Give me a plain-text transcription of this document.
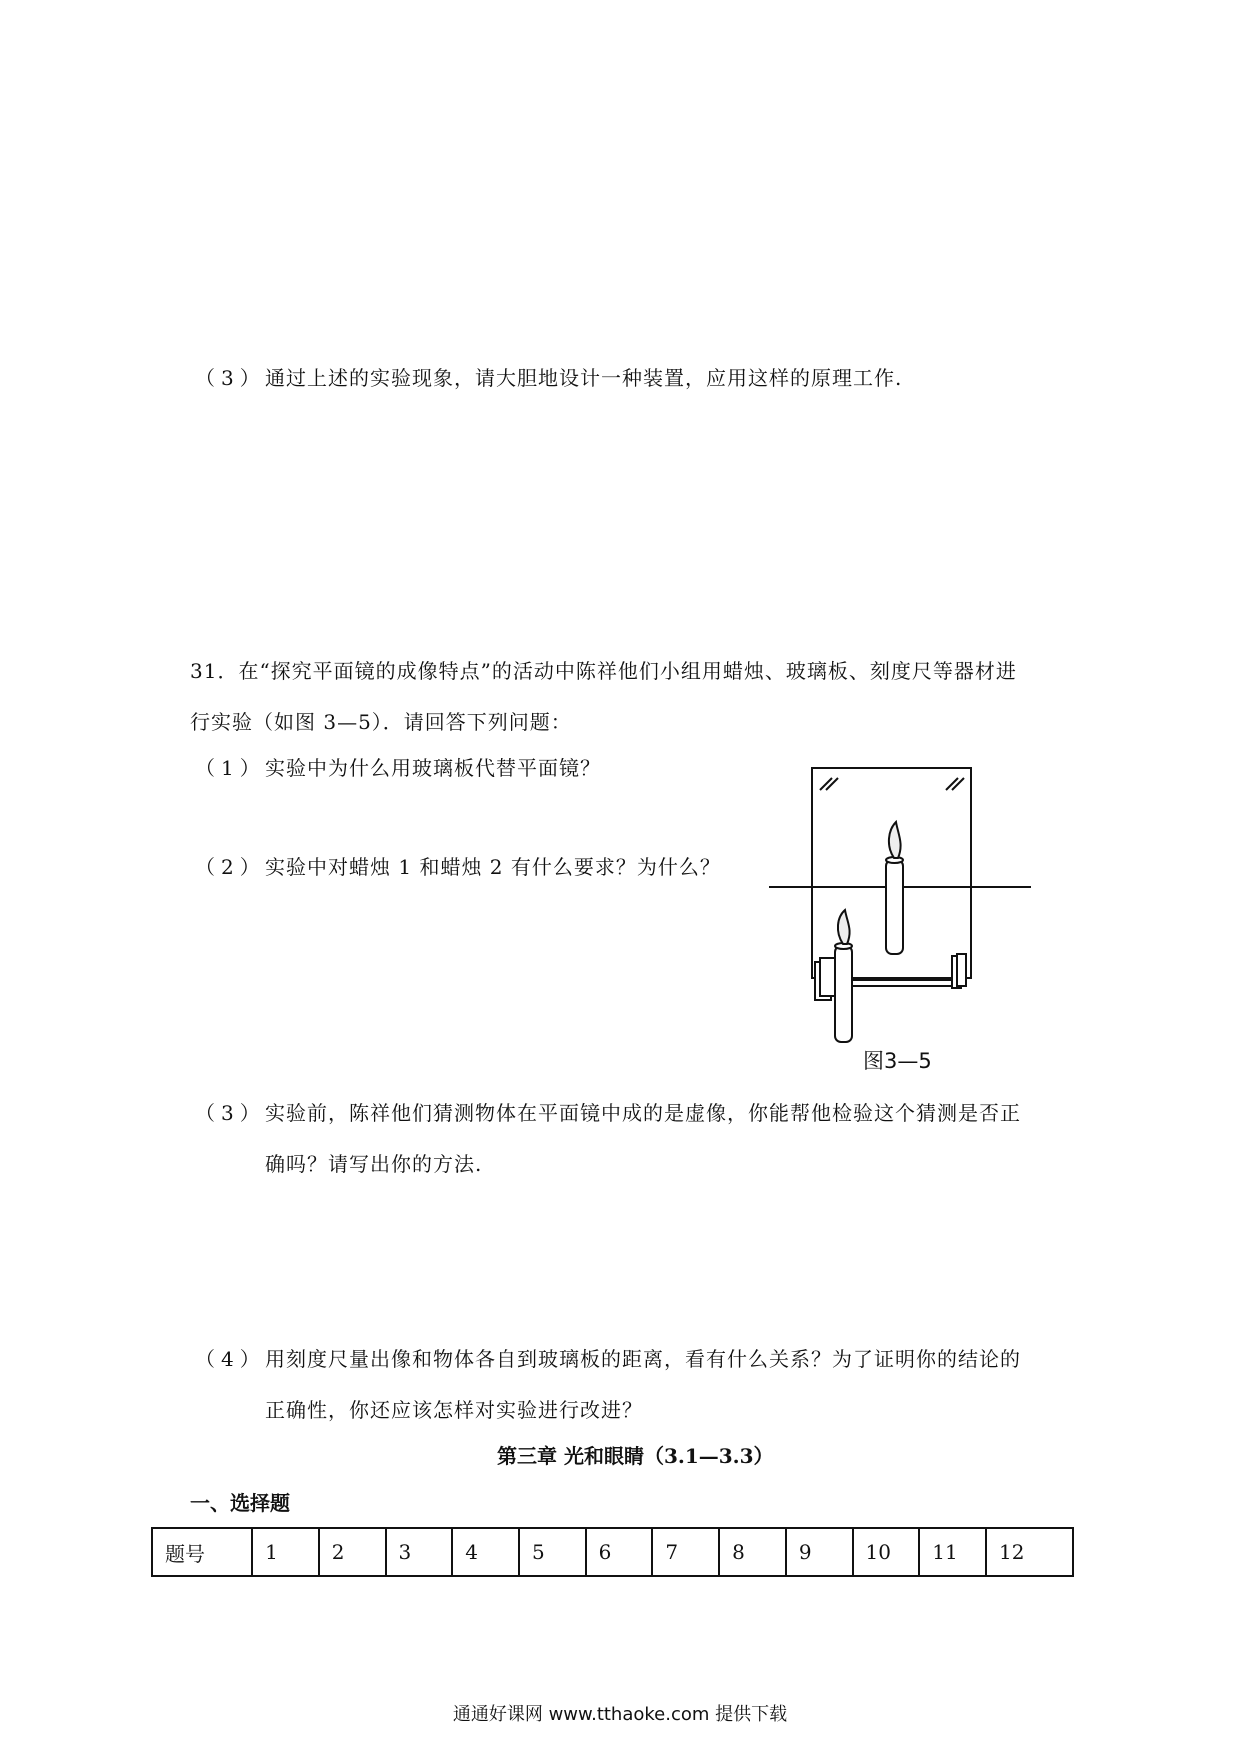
（3） 通过上述的实验现象，请大胆地设计一种装置，应用这样的原理工作.
31．在“探究平面镜的成像特点”的活动中陈祥他们小组用蜡烛、玻璃板、刻度尺等器材进
行实验（如图 3—5）．请回答下列问题：
（1） 实验中为什么用玻璃板代替平面镜？
（2） 实验中对蜡烛 1 和蜡烛 2 有什么要求？为什么？
图3—5
（3） 实验前，陈祥他们猜测物体在平面镜中成的是虚像，你能帮他检验这个猜测是否正
确吗？请写出你的方法.
（4） 用刻度尺量出像和物体各自到玻璃板的距离，看有什么关系？为了证明你的结论的
正确性，你还应该怎样对实验进行改进？
第三章 光和眼睛（3.1—3.3）
一、选择题
题号	1	2	3	4	5	6	7	8	9	10	11	12
通通好课网 www.tthaoke.com 提供下载
